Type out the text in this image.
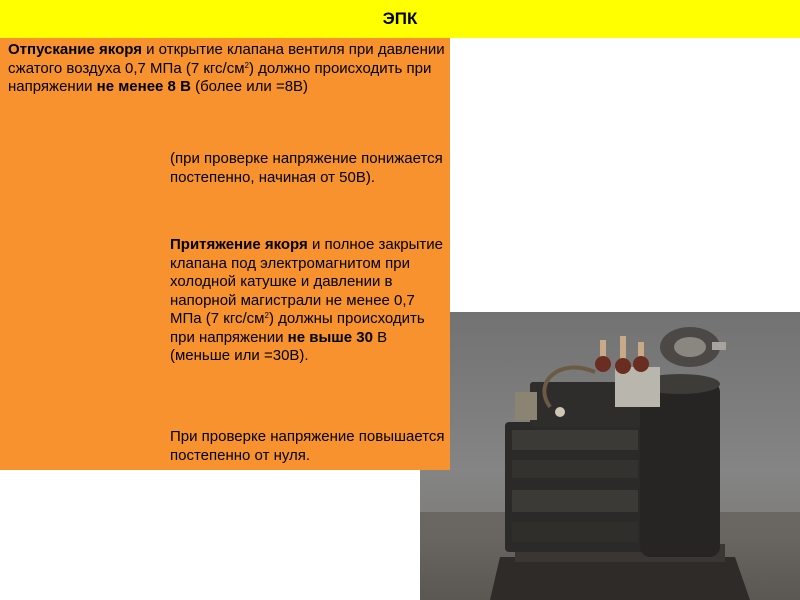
ЭПК

Отпускание якоря и открытие клапана вентиля при давлении сжатого воздуха 0,7 МПа (7 кгс/$см^2$) должно происходить при напряжении не менее 8 В (более или =8В)

(при проверке напряжение понижается постепенно, начиная от 50В).

Притяжение якоря и полное закрытие клапана под электромагнитом при холодной катушке и давлении в напорной магистрали не менее 0,7 МПа (7 кгс/$см^2$) должны происходить при напряжении не выше 30 В (меньше или =30В).

При проверке напряжение повышается постепенно от нуля.
